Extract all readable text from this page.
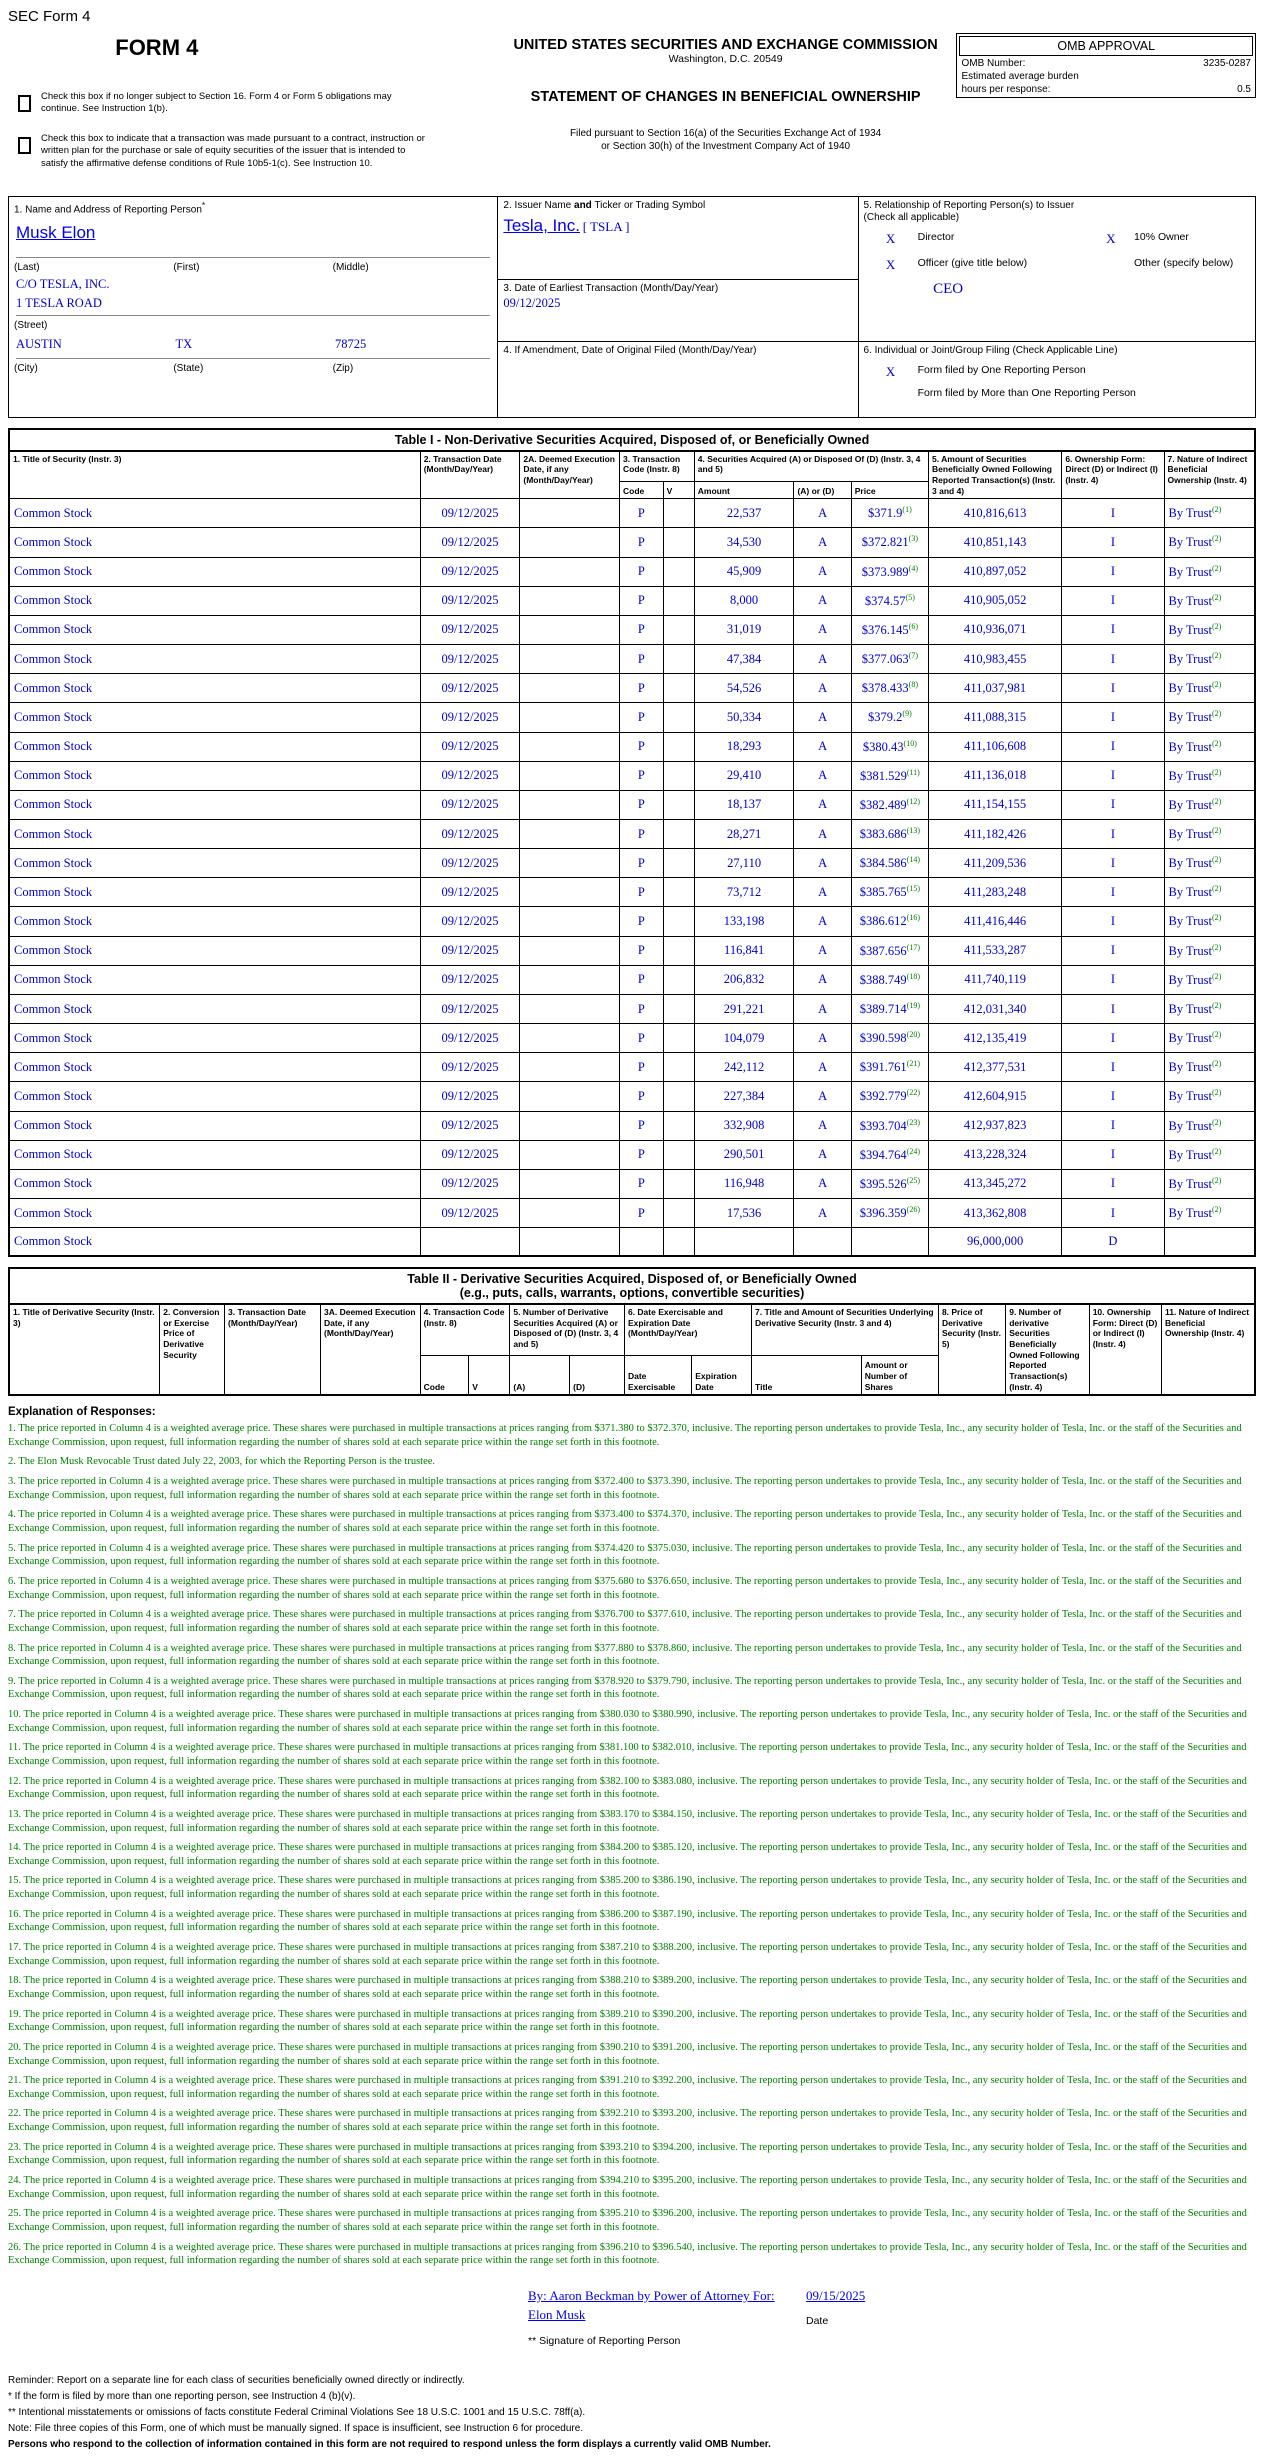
SEC Form 4
FORM 4
Check this box if no longer subject to Section 16. Form 4 or Form 5 obligations may continue. See Instruction 1(b).
Check this box to indicate that a transaction was made pursuant to a contract, instruction or written plan for the purchase or sale of equity securities of the issuer that is intended to satisfy the affirmative defense conditions of Rule 10b5-1(c). See Instruction 10.
UNITED STATES SECURITIES AND EXCHANGE COMMISSION
Washington, D.C. 20549
STATEMENT OF CHANGES IN BENEFICIAL OWNERSHIP
Filed pursuant to Section 16(a) of the Securities Exchange Act of 1934
or Section 30(h) of the Investment Company Act of 1940
OMB APPROVAL
OMB Number:	3235-0287
Estimated average burden
hours per response:	0.5
1. Name and Address of Reporting Person*
Musk Elon
(Last)	(First)	(Middle)
C/O TESLA, INC.
1 TESLA ROAD
(Street)
AUSTIN	TX	78725
(City)	(State)	(Zip)
2. Issuer Name and Ticker or Trading Symbol
Tesla, Inc. [ TSLA ]
3. Date of Earliest Transaction (Month/Day/Year)
09/12/2025
4. If Amendment, Date of Original Filed (Month/Day/Year)
5. Relationship of Reporting Person(s) to Issuer
(Check all applicable)
X	Director	X	10% Owner
X	Officer (give title below)	Other (specify below)
CEO
6. Individual or Joint/Group Filing (Check Applicable Line)
X	Form filed by One Reporting Person
Form filed by More than One Reporting Person
Table I - Non-Derivative Securities Acquired, Disposed of, or Beneficially Owned										
1. Title of Security (Instr. 3)	2. Transaction Date (Month/Day/Year)	2A. Deemed Execution Date, if any (Month/Day/Year)	3. Transaction Code (Instr. 8)		4. Securities Acquired (A) or Disposed Of (D) (Instr. 3, 4 and 5)			5. Amount of Securities Beneficially Owned Following Reported Transaction(s) (Instr. 3 and 4)	6. Ownership Form: Direct (D) or Indirect (I) (Instr. 4)	7. Nature of Indirect Beneficial Ownership (Instr. 4)
			Code	V	Amount	(A) or (D)	Price			
Common Stock	09/12/2025		P		22,537	A	$371.9$^{(1)}$	410,816,613	I	By Trust$^{(2)}$
Common Stock	09/12/2025		P		34,530	A	$372.821$^{(3)}$	410,851,143	I	By Trust$^{(2)}$
Common Stock	09/12/2025		P		45,909	A	$373.989$^{(4)}$	410,897,052	I	By Trust$^{(2)}$
Common Stock	09/12/2025		P		8,000	A	$374.57$^{(5)}$	410,905,052	I	By Trust$^{(2)}$
Common Stock	09/12/2025		P		31,019	A	$376.145$^{(6)}$	410,936,071	I	By Trust$^{(2)}$
Common Stock	09/12/2025		P		47,384	A	$377.063$^{(7)}$	410,983,455	I	By Trust$^{(2)}$
Common Stock	09/12/2025		P		54,526	A	$378.433$^{(8)}$	411,037,981	I	By Trust$^{(2)}$
Common Stock	09/12/2025		P		50,334	A	$379.2$^{(9)}$	411,088,315	I	By Trust$^{(2)}$
Common Stock	09/12/2025		P		18,293	A	$380.43$^{(10)}$	411,106,608	I	By Trust$^{(2)}$
Common Stock	09/12/2025		P		29,410	A	$381.529$^{(11)}$	411,136,018	I	By Trust$^{(2)}$
Common Stock	09/12/2025		P		18,137	A	$382.489$^{(12)}$	411,154,155	I	By Trust$^{(2)}$
Common Stock	09/12/2025		P		28,271	A	$383.686$^{(13)}$	411,182,426	I	By Trust$^{(2)}$
Common Stock	09/12/2025		P		27,110	A	$384.586$^{(14)}$	411,209,536	I	By Trust$^{(2)}$
Common Stock	09/12/2025		P		73,712	A	$385.765$^{(15)}$	411,283,248	I	By Trust$^{(2)}$
Common Stock	09/12/2025		P		133,198	A	$386.612$^{(16)}$	411,416,446	I	By Trust$^{(2)}$
Common Stock	09/12/2025		P		116,841	A	$387.656$^{(17)}$	411,533,287	I	By Trust$^{(2)}$
Common Stock	09/12/2025		P		206,832	A	$388.749$^{(18)}$	411,740,119	I	By Trust$^{(2)}$
Common Stock	09/12/2025		P		291,221	A	$389.714$^{(19)}$	412,031,340	I	By Trust$^{(2)}$
Common Stock	09/12/2025		P		104,079	A	$390.598$^{(20)}$	412,135,419	I	By Trust$^{(2)}$
Common Stock	09/12/2025		P		242,112	A	$391.761$^{(21)}$	412,377,531	I	By Trust$^{(2)}$
Common Stock	09/12/2025		P		227,384	A	$392.779$^{(22)}$	412,604,915	I	By Trust$^{(2)}$
Common Stock	09/12/2025		P		332,908	A	$393.704$^{(23)}$	412,937,823	I	By Trust$^{(2)}$
Common Stock	09/12/2025		P		290,501	A	$394.764$^{(24)}$	413,228,324	I	By Trust$^{(2)}$
Common Stock	09/12/2025		P		116,948	A	$395.526$^{(25)}$	413,345,272	I	By Trust$^{(2)}$
Common Stock	09/12/2025		P		17,536	A	$396.359$^{(26)}$	413,362,808	I	By Trust$^{(2)}$
Common Stock								96,000,000	D	
Table II - Derivative Securities Acquired, Disposed of, or Beneficially Owned
(e.g., puts, calls, warrants, options, convertible securities)															
1. Title of Derivative Security (Instr. 3)	2. Conversion or Exercise Price of Derivative Security	3. Transaction Date (Month/Day/Year)	3A. Deemed Execution Date, if any (Month/Day/Year)	4. Transaction Code (Instr. 8)		5. Number of Derivative Securities Acquired (A) or Disposed of (D) (Instr. 3, 4 and 5)		6. Date Exercisable and Expiration Date (Month/Day/Year)		7. Title and Amount of Securities Underlying Derivative Security (Instr. 3 and 4)		8. Price of Derivative Security (Instr. 5)	9. Number of derivative Securities Beneficially Owned Following Reported Transaction(s) (Instr. 4)	10. Ownership Form: Direct (D) or Indirect (I) (Instr. 4)	11. Nature of Indirect Beneficial Ownership (Instr. 4)
				Code	V	(A)	(D)	Date Exercisable	Expiration Date	Title	Amount or Number of Shares				
Explanation of Responses:
1. The price reported in Column 4 is a weighted average price. These shares were purchased in multiple transactions at prices ranging from $371.380 to $372.370, inclusive. The reporting person undertakes to provide Tesla, Inc., any security holder of Tesla, Inc. or the staff of the Securities and Exchange Commission, upon request, full information regarding the number of shares sold at each separate price within the range set forth in this footnote.
2. The Elon Musk Revocable Trust dated July 22, 2003, for which the Reporting Person is the trustee.
3. The price reported in Column 4 is a weighted average price. These shares were purchased in multiple transactions at prices ranging from $372.400 to $373.390, inclusive. The reporting person undertakes to provide Tesla, Inc., any security holder of Tesla, Inc. or the staff of the Securities and Exchange Commission, upon request, full information regarding the number of shares sold at each separate price within the range set forth in this footnote.
4. The price reported in Column 4 is a weighted average price. These shares were purchased in multiple transactions at prices ranging from $373.400 to $374.370, inclusive. The reporting person undertakes to provide Tesla, Inc., any security holder of Tesla, Inc. or the staff of the Securities and Exchange Commission, upon request, full information regarding the number of shares sold at each separate price within the range set forth in this footnote.
5. The price reported in Column 4 is a weighted average price. These shares were purchased in multiple transactions at prices ranging from $374.420 to $375.030, inclusive. The reporting person undertakes to provide Tesla, Inc., any security holder of Tesla, Inc. or the staff of the Securities and Exchange Commission, upon request, full information regarding the number of shares sold at each separate price within the range set forth in this footnote.
6. The price reported in Column 4 is a weighted average price. These shares were purchased in multiple transactions at prices ranging from $375.680 to $376.650, inclusive. The reporting person undertakes to provide Tesla, Inc., any security holder of Tesla, Inc. or the staff of the Securities and Exchange Commission, upon request, full information regarding the number of shares sold at each separate price within the range set forth in this footnote.
7. The price reported in Column 4 is a weighted average price. These shares were purchased in multiple transactions at prices ranging from $376.700 to $377.610, inclusive. The reporting person undertakes to provide Tesla, Inc., any security holder of Tesla, Inc. or the staff of the Securities and Exchange Commission, upon request, full information regarding the number of shares sold at each separate price within the range set forth in this footnote.
8. The price reported in Column 4 is a weighted average price. These shares were purchased in multiple transactions at prices ranging from $377.880 to $378.860, inclusive. The reporting person undertakes to provide Tesla, Inc., any security holder of Tesla, Inc. or the staff of the Securities and Exchange Commission, upon request, full information regarding the number of shares sold at each separate price within the range set forth in this footnote.
9. The price reported in Column 4 is a weighted average price. These shares were purchased in multiple transactions at prices ranging from $378.920 to $379.790, inclusive. The reporting person undertakes to provide Tesla, Inc., any security holder of Tesla, Inc. or the staff of the Securities and Exchange Commission, upon request, full information regarding the number of shares sold at each separate price within the range set forth in this footnote.
10. The price reported in Column 4 is a weighted average price. These shares were purchased in multiple transactions at prices ranging from $380.030 to $380.990, inclusive. The reporting person undertakes to provide Tesla, Inc., any security holder of Tesla, Inc. or the staff of the Securities and Exchange Commission, upon request, full information regarding the number of shares sold at each separate price within the range set forth in this footnote.
11. The price reported in Column 4 is a weighted average price. These shares were purchased in multiple transactions at prices ranging from $381.100 to $382.010, inclusive. The reporting person undertakes to provide Tesla, Inc., any security holder of Tesla, Inc. or the staff of the Securities and Exchange Commission, upon request, full information regarding the number of shares sold at each separate price within the range set forth in this footnote.
12. The price reported in Column 4 is a weighted average price. These shares were purchased in multiple transactions at prices ranging from $382.100 to $383.080, inclusive. The reporting person undertakes to provide Tesla, Inc., any security holder of Tesla, Inc. or the staff of the Securities and Exchange Commission, upon request, full information regarding the number of shares sold at each separate price within the range set forth in this footnote.
13. The price reported in Column 4 is a weighted average price. These shares were purchased in multiple transactions at prices ranging from $383.170 to $384.150, inclusive. The reporting person undertakes to provide Tesla, Inc., any security holder of Tesla, Inc. or the staff of the Securities and Exchange Commission, upon request, full information regarding the number of shares sold at each separate price within the range set forth in this footnote.
14. The price reported in Column 4 is a weighted average price. These shares were purchased in multiple transactions at prices ranging from $384.200 to $385.120, inclusive. The reporting person undertakes to provide Tesla, Inc., any security holder of Tesla, Inc. or the staff of the Securities and Exchange Commission, upon request, full information regarding the number of shares sold at each separate price within the range set forth in this footnote.
15. The price reported in Column 4 is a weighted average price. These shares were purchased in multiple transactions at prices ranging from $385.200 to $386.190, inclusive. The reporting person undertakes to provide Tesla, Inc., any security holder of Tesla, Inc. or the staff of the Securities and Exchange Commission, upon request, full information regarding the number of shares sold at each separate price within the range set forth in this footnote.
16. The price reported in Column 4 is a weighted average price. These shares were purchased in multiple transactions at prices ranging from $386.200 to $387.190, inclusive. The reporting person undertakes to provide Tesla, Inc., any security holder of Tesla, Inc. or the staff of the Securities and Exchange Commission, upon request, full information regarding the number of shares sold at each separate price within the range set forth in this footnote.
17. The price reported in Column 4 is a weighted average price. These shares were purchased in multiple transactions at prices ranging from $387.210 to $388.200, inclusive. The reporting person undertakes to provide Tesla, Inc., any security holder of Tesla, Inc. or the staff of the Securities and Exchange Commission, upon request, full information regarding the number of shares sold at each separate price within the range set forth in this footnote.
18. The price reported in Column 4 is a weighted average price. These shares were purchased in multiple transactions at prices ranging from $388.210 to $389.200, inclusive. The reporting person undertakes to provide Tesla, Inc., any security holder of Tesla, Inc. or the staff of the Securities and Exchange Commission, upon request, full information regarding the number of shares sold at each separate price within the range set forth in this footnote.
19. The price reported in Column 4 is a weighted average price. These shares were purchased in multiple transactions at prices ranging from $389.210 to $390.200, inclusive. The reporting person undertakes to provide Tesla, Inc., any security holder of Tesla, Inc. or the staff of the Securities and Exchange Commission, upon request, full information regarding the number of shares sold at each separate price within the range set forth in this footnote.
20. The price reported in Column 4 is a weighted average price. These shares were purchased in multiple transactions at prices ranging from $390.210 to $391.200, inclusive. The reporting person undertakes to provide Tesla, Inc., any security holder of Tesla, Inc. or the staff of the Securities and Exchange Commission, upon request, full information regarding the number of shares sold at each separate price within the range set forth in this footnote.
21. The price reported in Column 4 is a weighted average price. These shares were purchased in multiple transactions at prices ranging from $391.210 to $392.200, inclusive. The reporting person undertakes to provide Tesla, Inc., any security holder of Tesla, Inc. or the staff of the Securities and Exchange Commission, upon request, full information regarding the number of shares sold at each separate price within the range set forth in this footnote.
22. The price reported in Column 4 is a weighted average price. These shares were purchased in multiple transactions at prices ranging from $392.210 to $393.200, inclusive. The reporting person undertakes to provide Tesla, Inc., any security holder of Tesla, Inc. or the staff of the Securities and Exchange Commission, upon request, full information regarding the number of shares sold at each separate price within the range set forth in this footnote.
23. The price reported in Column 4 is a weighted average price. These shares were purchased in multiple transactions at prices ranging from $393.210 to $394.200, inclusive. The reporting person undertakes to provide Tesla, Inc., any security holder of Tesla, Inc. or the staff of the Securities and Exchange Commission, upon request, full information regarding the number of shares sold at each separate price within the range set forth in this footnote.
24. The price reported in Column 4 is a weighted average price. These shares were purchased in multiple transactions at prices ranging from $394.210 to $395.200, inclusive. The reporting person undertakes to provide Tesla, Inc., any security holder of Tesla, Inc. or the staff of the Securities and Exchange Commission, upon request, full information regarding the number of shares sold at each separate price within the range set forth in this footnote.
25. The price reported in Column 4 is a weighted average price. These shares were purchased in multiple transactions at prices ranging from $395.210 to $396.200, inclusive. The reporting person undertakes to provide Tesla, Inc., any security holder of Tesla, Inc. or the staff of the Securities and Exchange Commission, upon request, full information regarding the number of shares sold at each separate price within the range set forth in this footnote.
26. The price reported in Column 4 is a weighted average price. These shares were purchased in multiple transactions at prices ranging from $396.210 to $396.540, inclusive. The reporting person undertakes to provide Tesla, Inc., any security holder of Tesla, Inc. or the staff of the Securities and Exchange Commission, upon request, full information regarding the number of shares sold at each separate price within the range set forth in this footnote.
By: Aaron Beckman by Power of Attorney For:
Elon Musk
** Signature of Reporting Person
09/15/2025
Date
Reminder: Report on a separate line for each class of securities beneficially owned directly or indirectly.
* If the form is filed by more than one reporting person, see Instruction 4 (b)(v).
** Intentional misstatements or omissions of facts constitute Federal Criminal Violations See 18 U.S.C. 1001 and 15 U.S.C. 78ff(a).
Note: File three copies of this Form, one of which must be manually signed. If space is insufficient, see Instruction 6 for procedure.
Persons who respond to the collection of information contained in this form are not required to respond unless the form displays a currently valid OMB Number.
